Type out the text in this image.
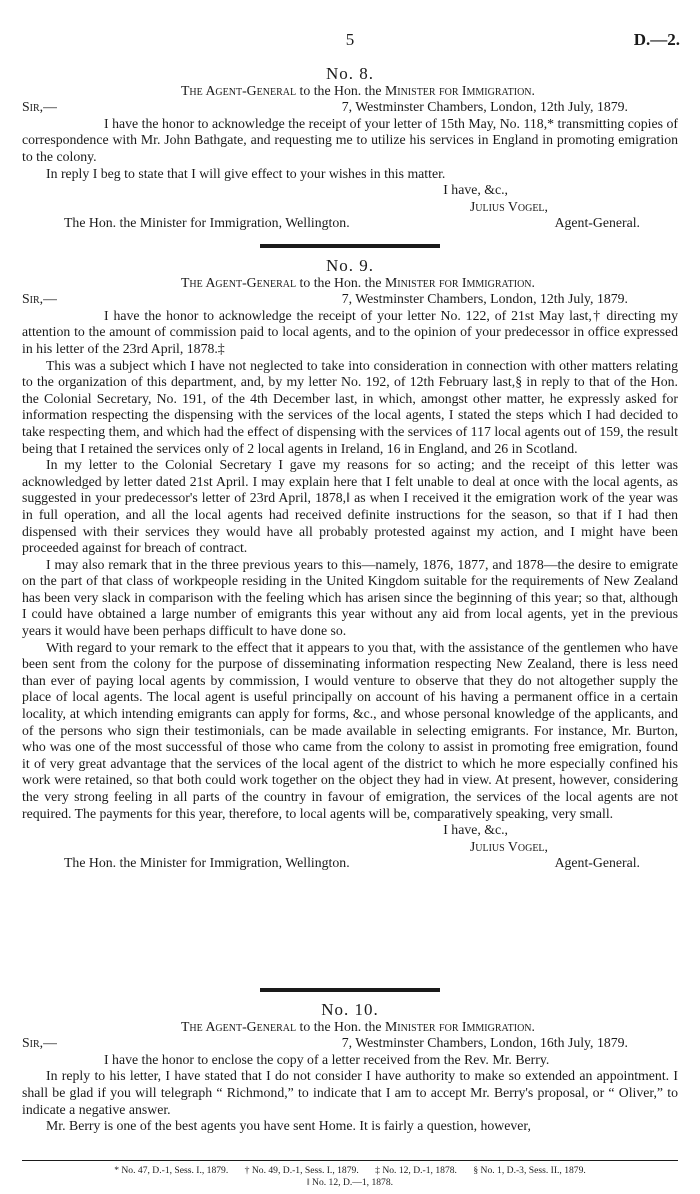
5	D.—2.
No. 8.
The Agent-General to the Hon. the Minister for Immigration.
Sir,—	7, Westminster Chambers, London, 12th July, 1879.

I have the honor to acknowledge the receipt of your letter of 15th May, No. 118,* transmitting copies of correspondence with Mr. John Bathgate, and requesting me to utilize his services in England in promoting emigration to the colony.

In reply I beg to state that I will give effect to your wishes in this matter.

I have, &c.,
Julius Vogel,
The Hon. the Minister for Immigration, Wellington.	Agent-General.
No. 9.
The Agent-General to the Hon. the Minister for Immigration.
Sir,—	7, Westminster Chambers, London, 12th July, 1879.

I have the honor to acknowledge the receipt of your letter No. 122, of 21st May last,† directing my attention to the amount of commission paid to local agents, and to the opinion of your predecessor in office expressed in his letter of the 23rd April, 1878.‡

This was a subject which I have not neglected to take into consideration in connection with other matters relating to the organization of this department, and, by my letter No. 192, of 12th February last,§ in reply to that of the Hon. the Colonial Secretary, No. 191, of the 4th December last, in which, amongst other matter, he expressly asked for information respecting the dispensing with the services of the local agents, I stated the steps which I had decided to take respecting them, and which had the effect of dispensing with the services of 117 local agents out of 159, the result being that I retained the services only of 2 local agents in Ireland, 16 in England, and 26 in Scotland.

In my letter to the Colonial Secretary I gave my reasons for so acting; and the receipt of this letter was acknowledged by letter dated 21st April. I may explain here that I felt unable to deal at once with the local agents, as suggested in your predecessor's letter of 23rd April, 1878,‖ as when I received it the emigration work of the year was in full operation, and all the local agents had received definite instructions for the season, so that if I had then dispensed with their services they would have all probably protested against my action, and I might have been proceeded against for breach of contract.

I may also remark that in the three previous years to this—namely, 1876, 1877, and 1878—the desire to emigrate on the part of that class of workpeople residing in the United Kingdom suitable for the requirements of New Zealand has been very slack in comparison with the feeling which has arisen since the beginning of this year; so that, although I could have obtained a large number of emigrants this year without any aid from local agents, yet in the previous years it would have been perhaps difficult to have done so.

With regard to your remark to the effect that it appears to you that, with the assistance of the gentlemen who have been sent from the colony for the purpose of disseminating information respecting New Zealand, there is less need than ever of paying local agents by commission, I would venture to observe that they do not altogether supply the place of local agents. The local agent is useful principally on account of his having a permanent office in a certain locality, at which intending emigrants can apply for forms, &c., and whose personal knowledge of the applicants, and of the persons who sign their testimonials, can be made available in selecting emigrants. For instance, Mr. Burton, who was one of the most successful of those who came from the colony to assist in promoting free emigration, found it of very great advantage that the services of the local agent of the district to which he more especially confined his work were retained, so that both could work together on the object they had in view. At present, however, considering the very strong feeling in all parts of the country in favour of emigration, the services of the local agents are not required. The payments for this year, therefore, to local agents will be, comparatively speaking, very small.

I have, &c.,
Julius Vogel,
The Hon. the Minister for Immigration, Wellington.	Agent-General.
No. 10.
The Agent-General to the Hon. the Minister for Immigration.
Sir,—	7, Westminster Chambers, London, 16th July, 1879.

I have the honor to enclose the copy of a letter received from the Rev. Mr. Berry.

In reply to his letter, I have stated that I do not consider I have authority to make so extended an appointment. I shall be glad if you will telegraph “ Richmond,” to indicate that I am to accept Mr. Berry's proposal, or “ Oliver,” to indicate a negative answer.

Mr. Berry is one of the best agents you have sent Home. It is fairly a question, however,

* No. 47, D.-1, Sess. I., 1879. † No. 49, D.-1, Sess. I., 1879. ‡ No. 12, D.-1, 1878. § No. 1, D.-3, Sess. II., 1879.
‖ No. 12, D.—1, 1878.
